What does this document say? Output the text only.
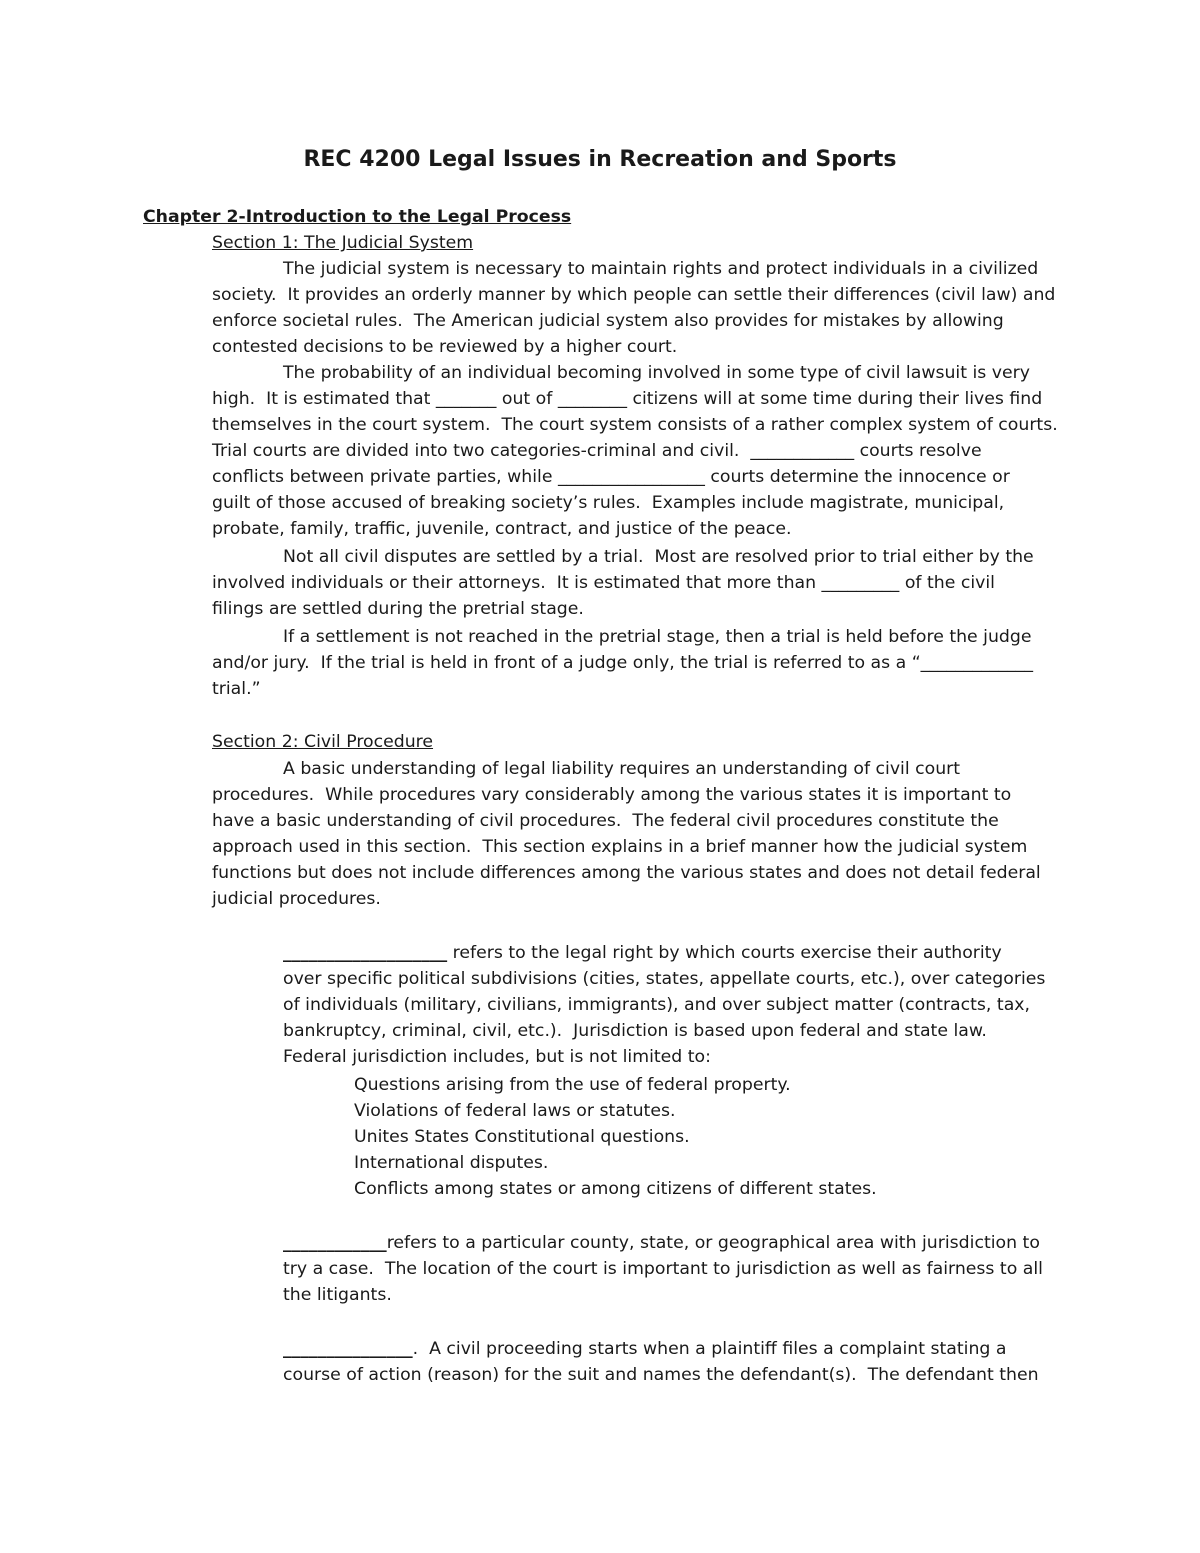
REC 4200 Legal Issues in Recreation and Sports
Chapter 2-Introduction to the Legal Process
Section 1: The Judicial System
The judicial system is necessary to maintain rights and protect individuals in a civilized
society.  It provides an orderly manner by which people can settle their differences (civil law) and
enforce societal rules.  The American judicial system also provides for mistakes by allowing
contested decisions to be reviewed by a higher court.
The probability of an individual becoming involved in some type of civil lawsuit is very
high.  It is estimated that _______ out of ________ citizens will at some time during their lives find
themselves in the court system.  The court system consists of a rather complex system of courts.
Trial courts are divided into two categories-criminal and civil.  ____________ courts resolve
conflicts between private parties, while _________________ courts determine the innocence or
guilt of those accused of breaking society’s rules.  Examples include magistrate, municipal,
probate, family, traffic, juvenile, contract, and justice of the peace.
Not all civil disputes are settled by a trial.  Most are resolved prior to trial either by the
involved individuals or their attorneys.  It is estimated that more than _________ of the civil
filings are settled during the pretrial stage.
If a settlement is not reached in the pretrial stage, then a trial is held before the judge
and/or jury.  If the trial is held in front of a judge only, the trial is referred to as a “_____________
trial.”
Section 2: Civil Procedure
A basic understanding of legal liability requires an understanding of civil court
procedures.  While procedures vary considerably among the various states it is important to
have a basic understanding of civil procedures.  The federal civil procedures constitute the
approach used in this section.  This section explains in a brief manner how the judicial system
functions but does not include differences among the various states and does not detail federal
judicial procedures.
___________________ refers to the legal right by which courts exercise their authority
over specific political subdivisions (cities, states, appellate courts, etc.), over categories
of individuals (military, civilians, immigrants), and over subject matter (contracts, tax,
bankruptcy, criminal, civil, etc.).  Jurisdiction is based upon federal and state law.
Federal jurisdiction includes, but is not limited to:
Questions arising from the use of federal property.
Violations of federal laws or statutes.
Unites States Constitutional questions.
International disputes.
Conflicts among states or among citizens of different states.
____________refers to a particular county, state, or geographical area with jurisdiction to
try a case.  The location of the court is important to jurisdiction as well as fairness to all
the litigants.
_______________.  A civil proceeding starts when a plaintiff files a complaint stating a
course of action (reason) for the suit and names the defendant(s).  The defendant then
